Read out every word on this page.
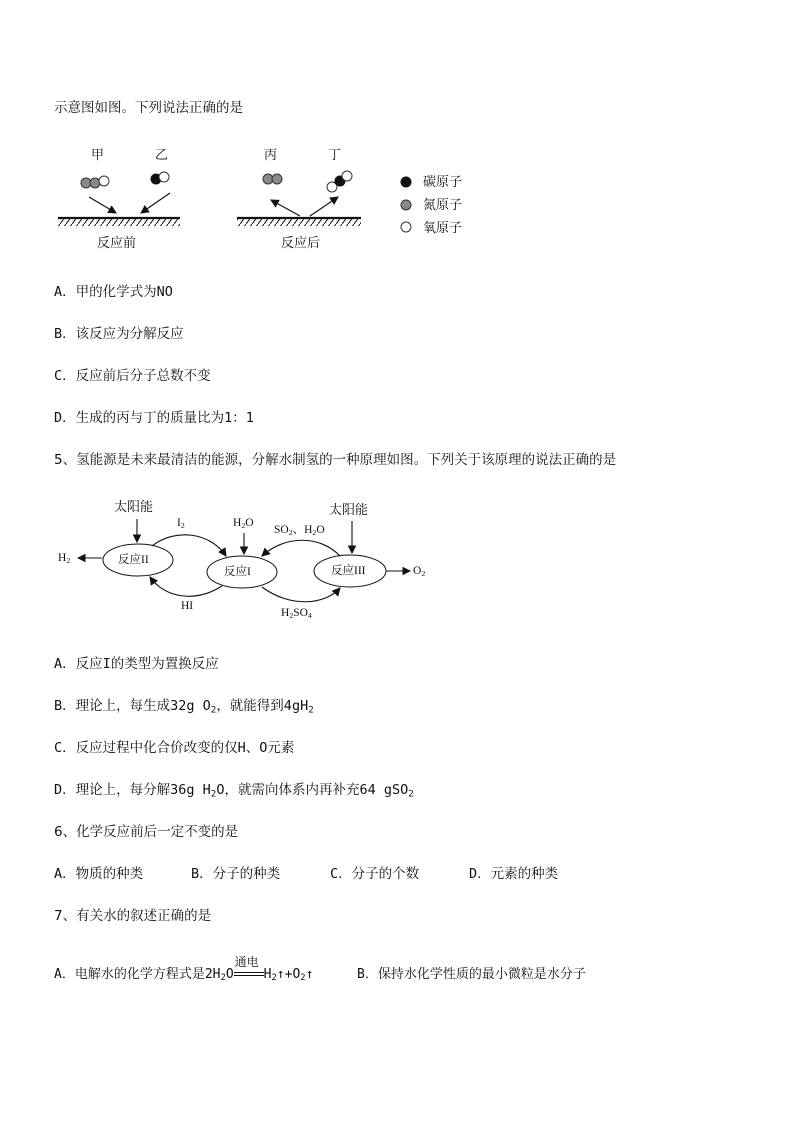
示意图如图。下列说法正确的是
甲	乙	丙	丁
反应前	反应后
碳原子
氮原子
氧原子
A．甲的化学式为NO
B．该反应为分解反应
C．反应前后分子总数不变
D．生成的丙与丁的质量比为1：1
5、氢能源是未来最清洁的能源，分解水制氢的一种原理如图。下列关于该原理的说法正确的是
太阳能	太阳能
反应II
反应I	反应III
$H_2$
$I_2$	$H_2O$
$SO_2$、$H_2O$
HI
$H_2SO_4$
$O_2$
A．反应I的类型为置换反应
B．理论上，每生成32g $O_2$，就能得到$4gH_2$
C．反应过程中化合价改变的仅H、O元素
D．理论上，每分解36g $H_2O$，就需向体系内再补充64 gSO$_2$
6、化学反应前后一定不变的是
A．物质的种类	B．分子的种类	C．分子的个数	D．元素的种类
7、有关水的叙述正确的是
A．电解水的化学方程式是$2H_2O$
通电
$H_2↑+O_2↑$	B．保持水化学性质的最小微粒是水分子
